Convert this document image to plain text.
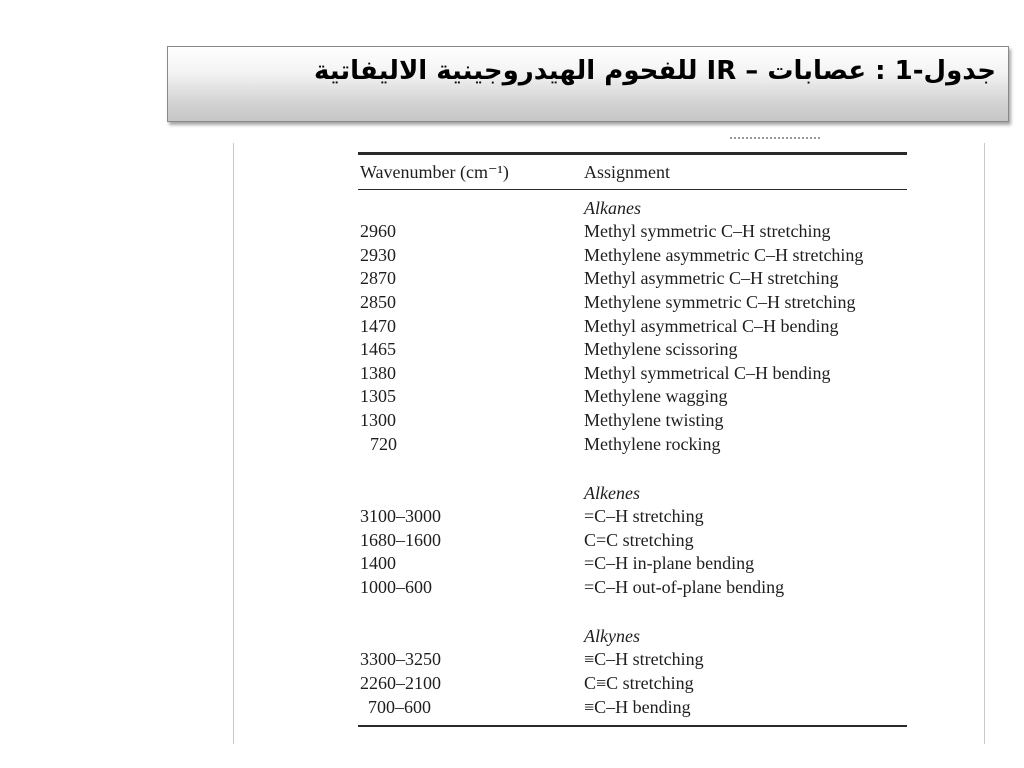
جدول-1 : عصابات – IR للفحوم الهيدروجينية الاليفاتية
Wavenumber (cm⁻¹)	Assignment
Alkanes
2960	Methyl symmetric C–H stretching
2930	Methylene asymmetric C–H stretching
2870	Methyl asymmetric C–H stretching
2850	Methylene symmetric C–H stretching
1470	Methyl asymmetrical C–H bending
1465	Methylene scissoring
1380	Methyl symmetrical C–H bending
1305	Methylene wagging
1300	Methylene twisting
720	Methylene rocking
Alkenes
3100–3000	=C–H stretching
1680–1600	C=C stretching
1400	=C–H in-plane bending
1000–600	=C–H out-of-plane bending
Alkynes
3300–3250	≡C–H stretching
2260–2100	C≡C stretching
700–600	≡C–H bending
